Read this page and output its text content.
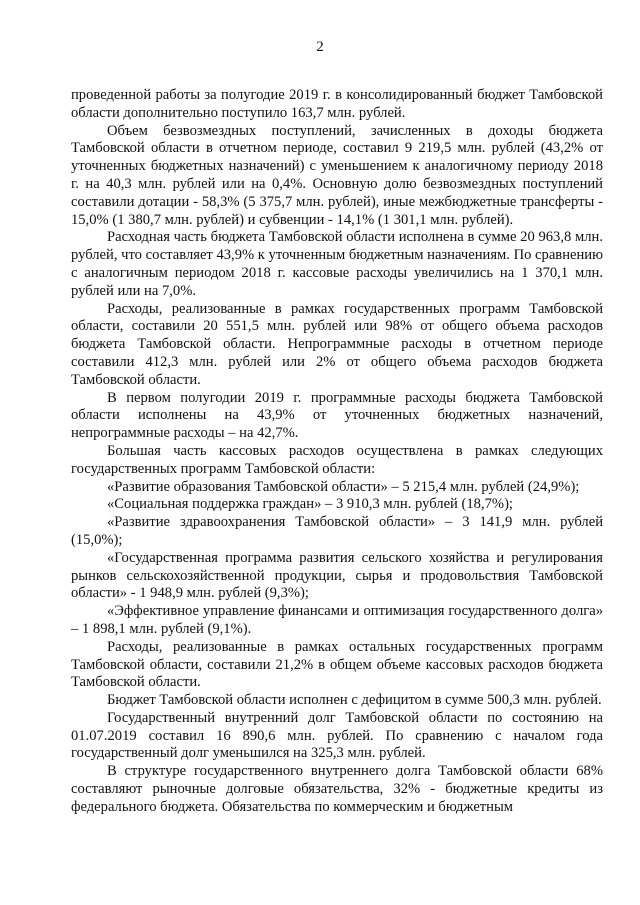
2

проведенной работы за полугодие 2019 г. в консолидированный бюджет Тамбовской области дополнительно поступило 163,7 млн. рублей.

Объем безвозмездных поступлений, зачисленных в доходы бюджета Тамбовской области в отчетном периоде, составил 9 219,5 млн. рублей (43,2% от уточненных бюджетных назначений) с уменьшением к аналогичному периоду 2018 г. на 40,3 млн. рублей или на 0,4%. Основную долю безвозмездных поступлений составили дотации - 58,3% (5 375,7 млн. рублей), иные межбюджетные трансферты - 15,0% (1 380,7 млн. рублей) и субвенции - 14,1% (1 301,1 млн. рублей).

Расходная часть бюджета Тамбовской области исполнена в сумме 20 963,8 млн. рублей, что составляет 43,9% к уточненным бюджетным назначениям. По сравнению с аналогичным периодом 2018 г. кассовые расходы увеличились на 1 370,1 млн. рублей или на 7,0%.

Расходы, реализованные в рамках государственных программ Тамбовской области, составили 20 551,5 млн. рублей или 98% от общего объема расходов бюджета Тамбовской области. Непрограммные расходы в отчетном периоде составили 412,3 млн. рублей или 2% от общего объема расходов бюджета Тамбовской области.

В первом полугодии 2019 г. программные расходы бюджета Тамбовской области исполнены на 43,9% от уточненных бюджетных назначений, непрограммные расходы – на 42,7%.

Большая часть кассовых расходов осуществлена в рамках следующих государственных программ Тамбовской области:

«Развитие образования Тамбовской области» – 5 215,4 млн. рублей (24,9%);

«Социальная поддержка граждан» – 3 910,3 млн. рублей (18,7%);

«Развитие здравоохранения Тамбовской области» – 3 141,9 млн. рублей (15,0%);

«Государственная программа развития сельского хозяйства и регулирования рынков сельскохозяйственной продукции, сырья и продовольствия Тамбовской области» - 1 948,9 млн. рублей (9,3%);

«Эффективное управление финансами и оптимизация государственного долга» – 1 898,1 млн. рублей (9,1%).

Расходы, реализованные в рамках остальных государственных программ Тамбовской области, составили 21,2% в общем объеме кассовых расходов бюджета Тамбовской области.

Бюджет Тамбовской области исполнен с дефицитом в сумме 500,3 млн. рублей.

Государственный внутренний долг Тамбовской области по состоянию на 01.07.2019 составил 16 890,6 млн. рублей. По сравнению с началом года государственный долг уменьшился на 325,3 млн. рублей.

В структуре государственного внутреннего долга Тамбовской области 68% составляют рыночные долговые обязательства, 32% - бюджетные кредиты из федерального бюджета. Обязательства по коммерческим и бюджетным
